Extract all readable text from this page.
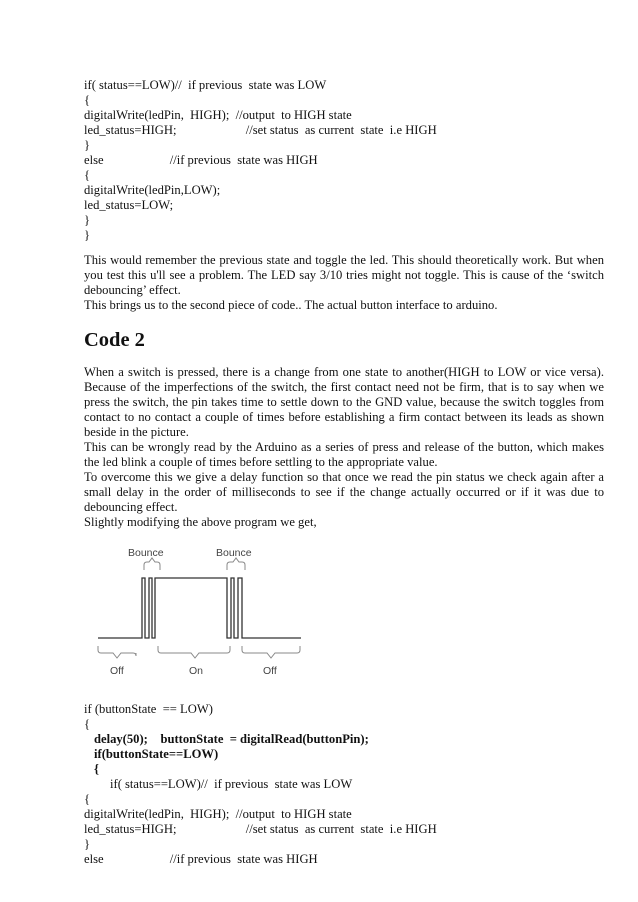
if( status==LOW)//  if previous  state was LOW

{

digitalWrite(ledPin,  HIGH);  //output  to HIGH state

led_status=HIGH;                      //set status  as current  state  i.e HIGH

}

else                     //if previous  state was HIGH

{

digitalWrite(ledPin,LOW);

led_status=LOW;

}

}

This would remember the previous state and toggle the led. This should theoretically work. But when you test this u'll see a problem. The LED say 3/10 tries might not toggle. This is cause of the ‘switch debouncing’ effect.

This brings us to the second piece of code.. The actual button interface to arduino.

Code 2

When a switch is pressed, there is a change from one state to another(HIGH to LOW or vice versa). Because of the imperfections of the switch, the first contact need not be firm, that is to say when we press the switch, the pin takes time to settle down to the GND value, because the switch toggles from contact to no contact a couple of times before establishing a firm contact between its leads as shown beside in the picture.

This can be wrongly read by the Arduino as a series of press and release of the button, which makes the led blink a couple of times before settling to the appropriate value.

To overcome this we give a delay function so that once we read the pin status we check again after a small delay in the order of milliseconds to see if the change actually occurred or if it was due to debouncing effect.

Slightly modifying the above program we get,

Bounce	Bounce
Off	On	Off

if (buttonState  == LOW)

{

delay(50);    buttonState  = digitalRead(buttonPin);

if(buttonState==LOW)

{

if( status==LOW)//  if previous  state was LOW

{

digitalWrite(ledPin,  HIGH);  //output  to HIGH state

led_status=HIGH;                      //set status  as current  state  i.e HIGH

}

else                     //if previous  state was HIGH
